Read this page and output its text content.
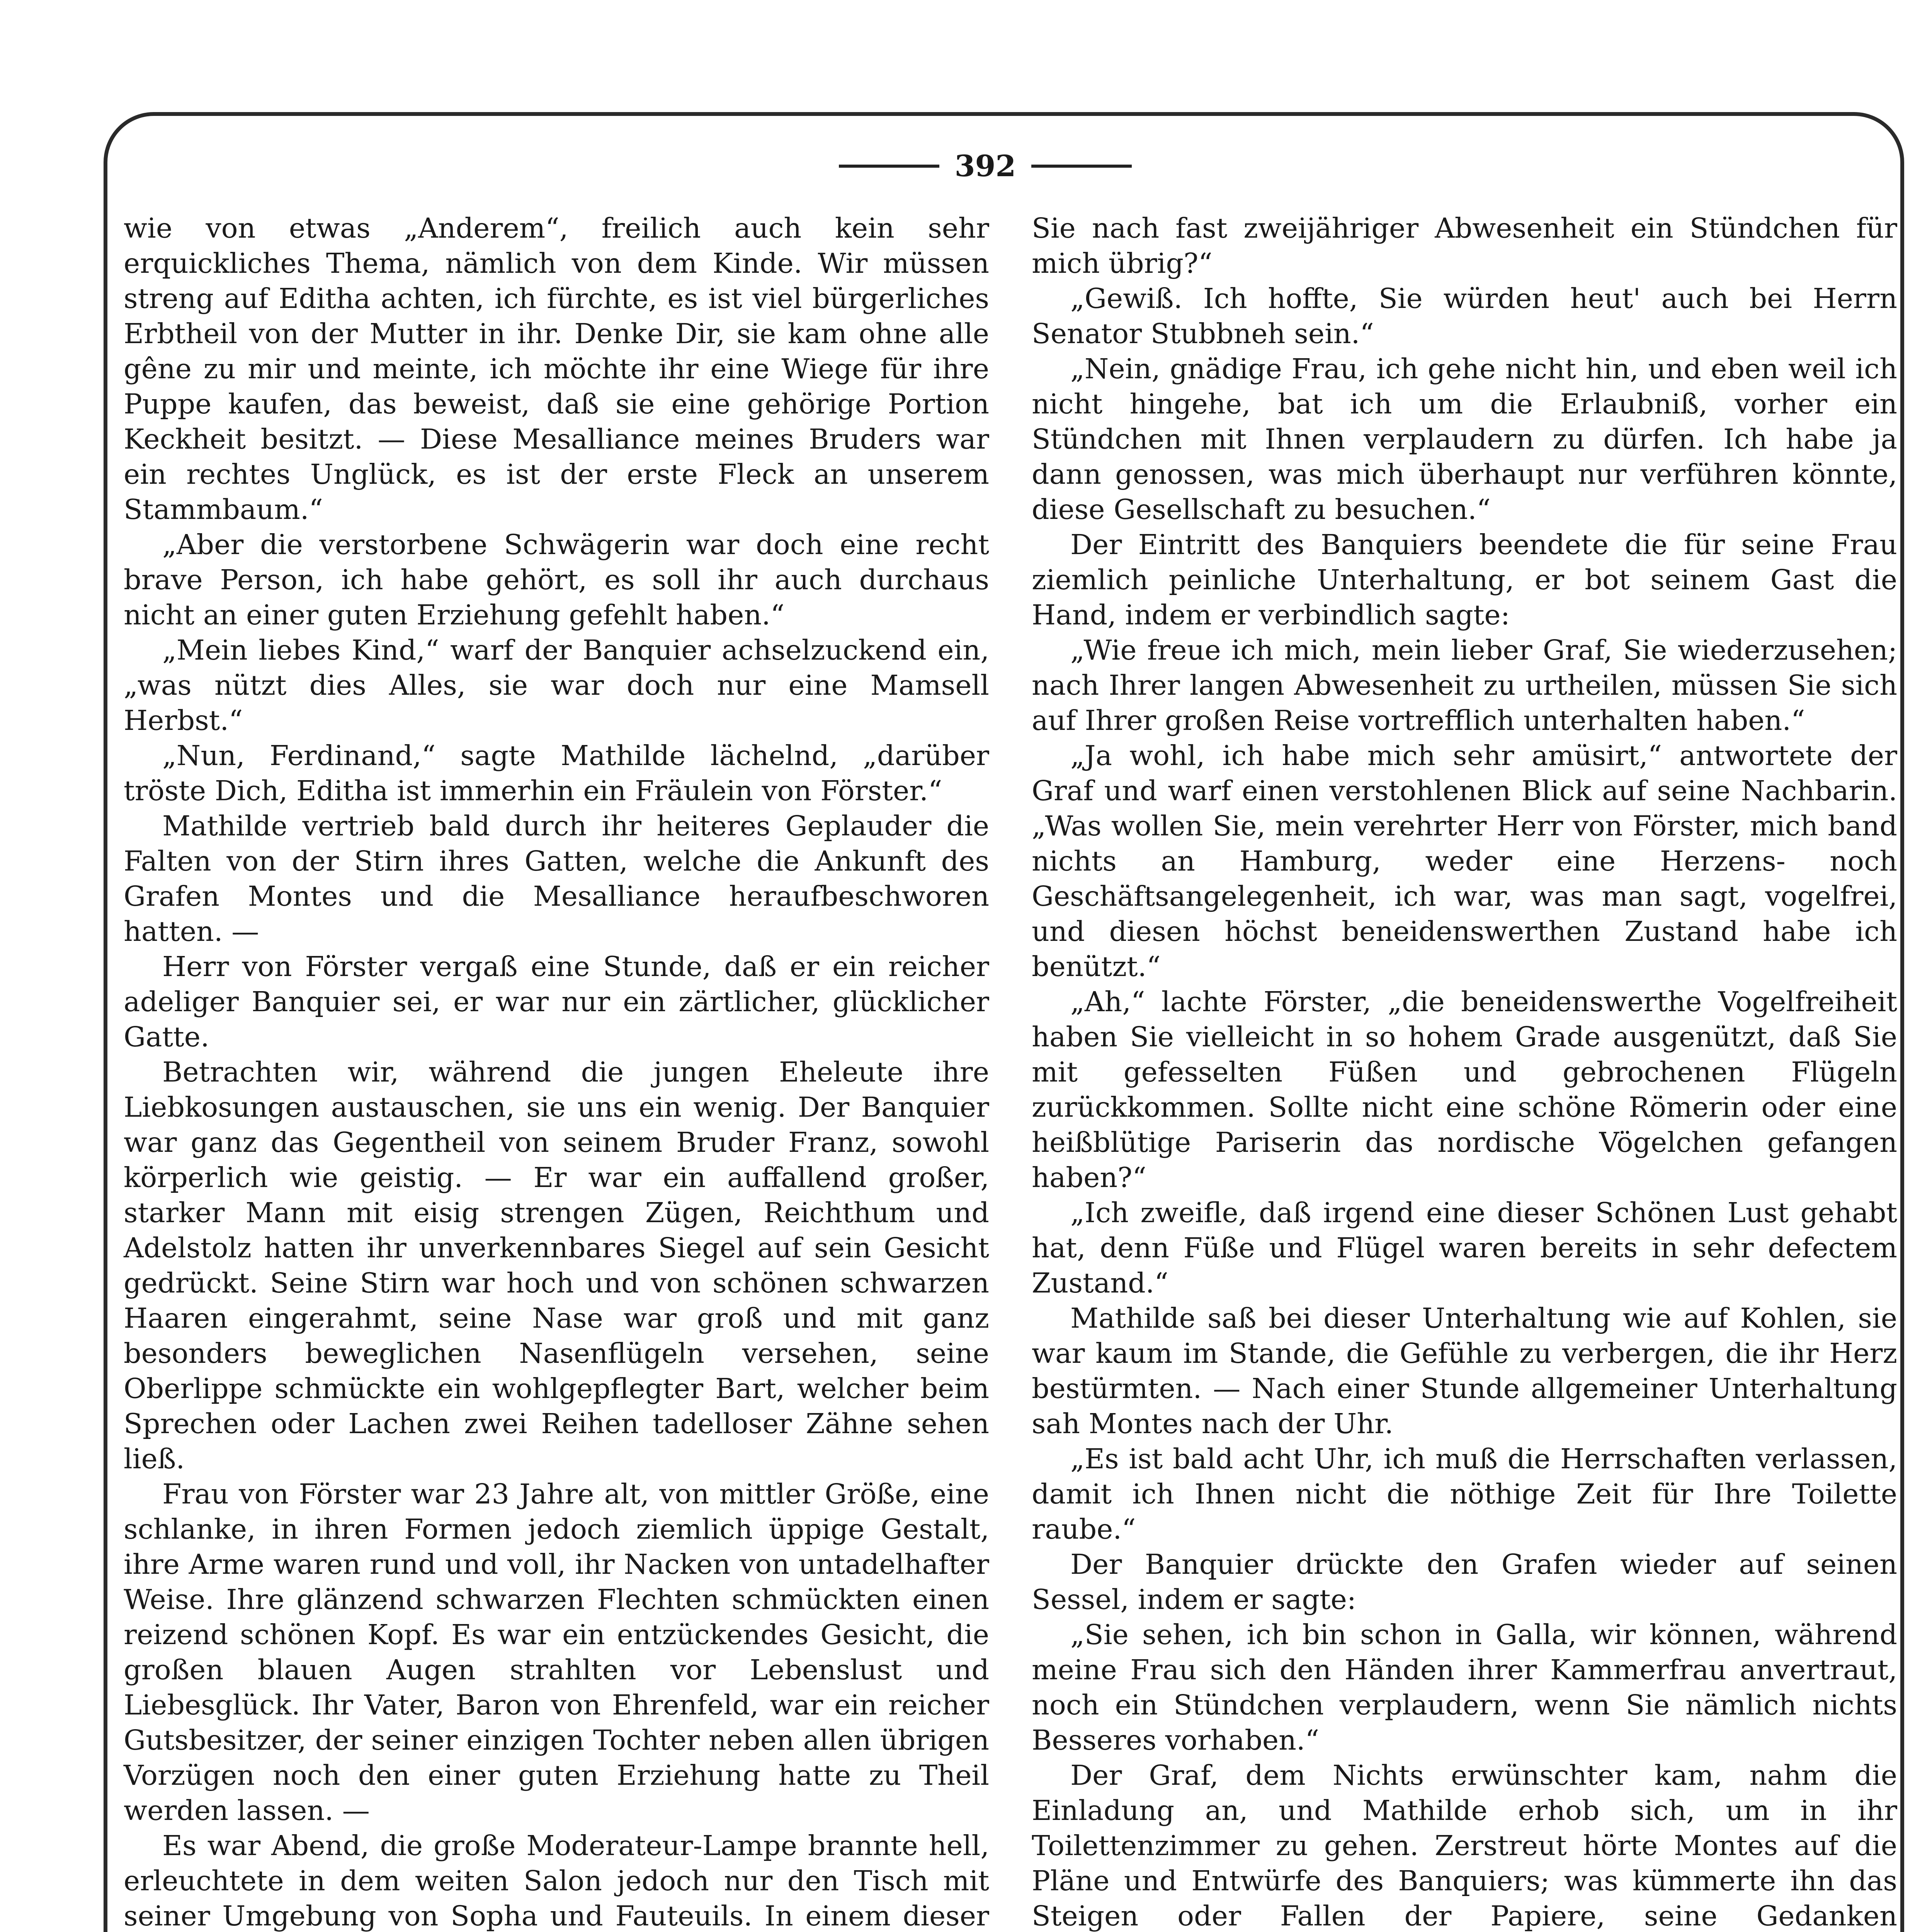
392

wie von etwas „Anderem“, freilich auch kein sehr erquickliches Thema, nämlich von dem Kinde. Wir müssen streng auf Editha achten, ich fürchte, es ist viel bürgerliches Erbtheil von der Mutter in ihr. Denke Dir, sie kam ohne alle gêne zu mir und meinte, ich möchte ihr eine Wiege für ihre Puppe kaufen, das beweist, daß sie eine gehörige Portion Keckheit besitzt. — Diese Mesalliance meines Bruders war ein rechtes Unglück, es ist der erste Fleck an unserem Stammbaum.“

„Aber die verstorbene Schwägerin war doch eine recht brave Person, ich habe gehört, es soll ihr auch durchaus nicht an einer guten Erziehung gefehlt haben.“

„Mein liebes Kind,“ warf der Banquier achselzuckend ein, „was nützt dies Alles, sie war doch nur eine Mamsell Herbst.“

„Nun, Ferdinand,“ sagte Mathilde lächelnd, „darüber tröste Dich, Editha ist immerhin ein Fräulein von Förster.“

Mathilde vertrieb bald durch ihr heiteres Geplauder die Falten von der Stirn ihres Gatten, welche die Ankunft des Grafen Montes und die Mesalliance heraufbeschworen hatten. —

Herr von Förster vergaß eine Stunde, daß er ein reicher adeliger Banquier sei, er war nur ein zärtlicher, glücklicher Gatte.

Betrachten wir, während die jungen Eheleute ihre Liebkosungen austauschen, sie uns ein wenig. Der Banquier war ganz das Gegentheil von seinem Bruder Franz, sowohl körperlich wie geistig. — Er war ein auffallend großer, starker Mann mit eisig strengen Zügen, Reichthum und Adelstolz hatten ihr unverkennbares Siegel auf sein Gesicht gedrückt. Seine Stirn war hoch und von schönen schwarzen Haaren eingerahmt, seine Nase war groß und mit ganz besonders beweglichen Nasenflügeln versehen, seine Oberlippe schmückte ein wohlgepflegter Bart, welcher beim Sprechen oder Lachen zwei Reihen tadelloser Zähne sehen ließ.

Frau von Förster war 23 Jahre alt, von mittler Größe, eine schlanke, in ihren Formen jedoch ziemlich üppige Gestalt, ihre Arme waren rund und voll, ihr Nacken von untadelhafter Weise. Ihre glänzend schwarzen Flechten schmückten einen reizend schönen Kopf. Es war ein entzückendes Gesicht, die großen blauen Augen strahlten vor Lebenslust und Liebesglück. Ihr Vater, Baron von Ehrenfeld, war ein reicher Gutsbesitzer, der seiner einzigen Tochter neben allen übrigen Vorzügen noch den einer guten Erziehung hatte zu Theil werden lassen. —

Es war Abend, die große Moderateur-Lampe brannte hell, erleuchtete in dem weiten Salon jedoch nur den Tisch mit seiner Umgebung von Sopha und Fauteuils. In einem dieser

Sie nach fast zweijähriger Abwesenheit ein Stündchen für mich übrig?“

„Gewiß. Ich hoffte, Sie würden heut' auch bei Herrn Senator Stubbneh sein.“

„Nein, gnädige Frau, ich gehe nicht hin, und eben weil ich nicht hingehe, bat ich um die Erlaubniß, vorher ein Stündchen mit Ihnen verplaudern zu dürfen. Ich habe ja dann genossen, was mich überhaupt nur verführen könnte, diese Gesellschaft zu besuchen.“

Der Eintritt des Banquiers beendete die für seine Frau ziemlich peinliche Unterhaltung, er bot seinem Gast die Hand, indem er verbindlich sagte:

„Wie freue ich mich, mein lieber Graf, Sie wiederzusehen; nach Ihrer langen Abwesenheit zu urtheilen, müssen Sie sich auf Ihrer großen Reise vortrefflich unterhalten haben.“

„Ja wohl, ich habe mich sehr amüsirt,“ antwortete der Graf und warf einen verstohlenen Blick auf seine Nachbarin. „Was wollen Sie, mein verehrter Herr von Förster, mich band nichts an Hamburg, weder eine Herzens- noch Geschäftsangelegenheit, ich war, was man sagt, vogelfrei, und diesen höchst beneidenswerthen Zustand habe ich benützt.“

„Ah,“ lachte Förster, „die beneidenswerthe Vogelfreiheit haben Sie vielleicht in so hohem Grade ausgenützt, daß Sie mit gefesselten Füßen und gebrochenen Flügeln zurückkommen. Sollte nicht eine schöne Römerin oder eine heißblütige Pariserin das nordische Vögelchen gefangen haben?“

„Ich zweifle, daß irgend eine dieser Schönen Lust gehabt hat, denn Füße und Flügel waren bereits in sehr defectem Zustand.“

Mathilde saß bei dieser Unterhaltung wie auf Kohlen, sie war kaum im Stande, die Gefühle zu verbergen, die ihr Herz bestürmten. — Nach einer Stunde allgemeiner Unterhaltung sah Montes nach der Uhr.

„Es ist bald acht Uhr, ich muß die Herrschaften verlassen, damit ich Ihnen nicht die nöthige Zeit für Ihre Toilette raube.“

Der Banquier drückte den Grafen wieder auf seinen Sessel, indem er sagte:

„Sie sehen, ich bin schon in Galla, wir können, während meine Frau sich den Händen ihrer Kammerfrau anvertraut, noch ein Stündchen verplaudern, wenn Sie nämlich nichts Besseres vorhaben.“

Der Graf, dem Nichts erwünschter kam, nahm die Einladung an, und Mathilde erhob sich, um in ihr Toilettenzimmer zu gehen. Zerstreut hörte Montes auf die Pläne und Entwürfe des Banquiers; was kümmerte ihn das Steigen oder Fallen der Papiere, seine Gedanken
